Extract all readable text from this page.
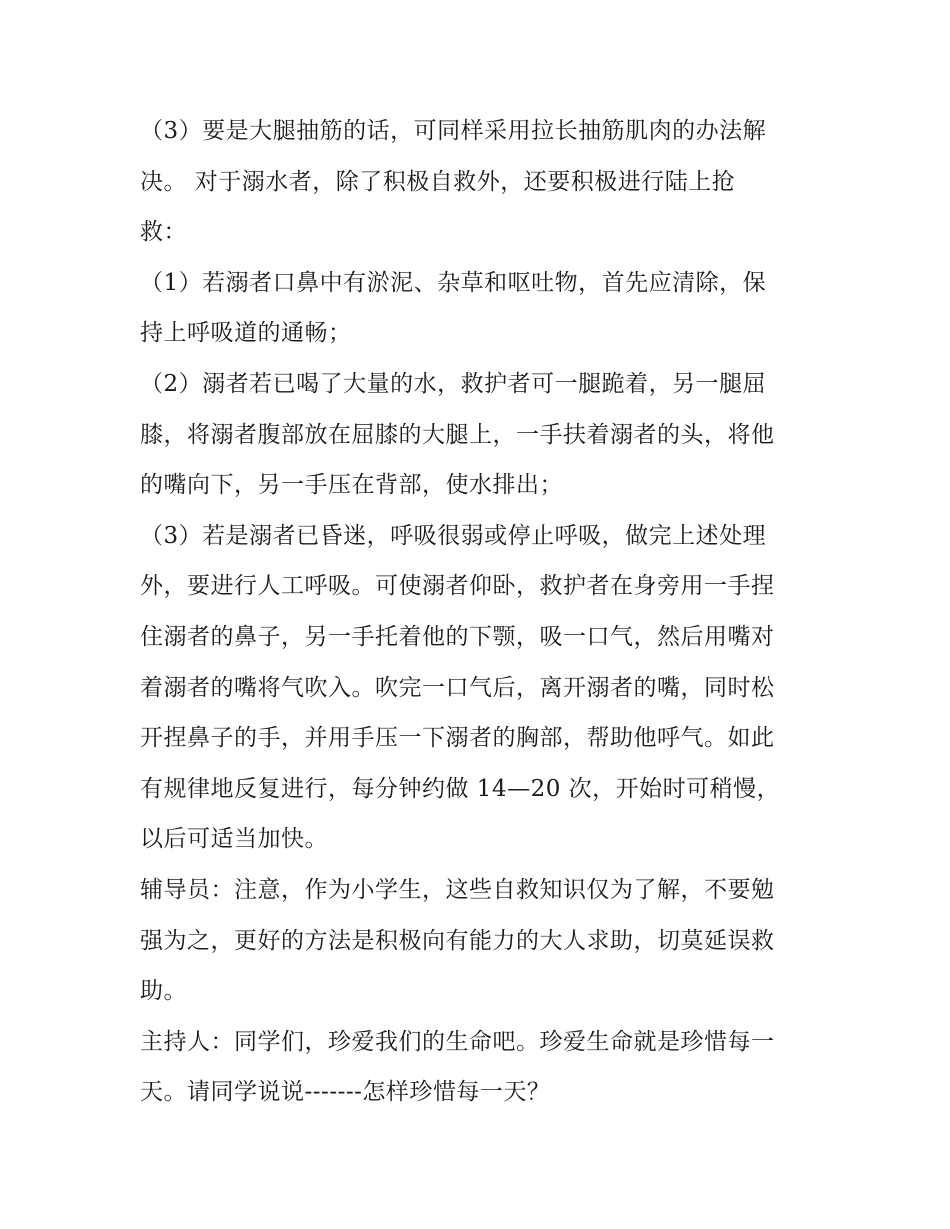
（3）要是大腿抽筋的话，可同样采用拉长抽筋肌肉的办法解
决。 对于溺水者，除了积极自救外，还要积极进行陆上抢
救：
（1）若溺者口鼻中有淤泥、杂草和呕吐物，首先应清除，保
持上呼吸道的通畅；
（2）溺者若已喝了大量的水，救护者可一腿跪着，另一腿屈
膝，将溺者腹部放在屈膝的大腿上，一手扶着溺者的头，将他
的嘴向下，另一手压在背部，使水排出；
（3）若是溺者已昏迷，呼吸很弱或停止呼吸，做完上述处理
外，要进行人工呼吸。可使溺者仰卧，救护者在身旁用一手捏
住溺者的鼻子，另一手托着他的下颚，吸一口气，然后用嘴对
着溺者的嘴将气吹入。吹完一口气后，离开溺者的嘴，同时松
开捏鼻子的手，并用手压一下溺者的胸部，帮助他呼气。如此
有规律地反复进行，每分钟约做 14—20 次，开始时可稍慢，
以后可适当加快。
辅导员：注意，作为小学生，这些自救知识仅为了解，不要勉
强为之，更好的方法是积极向有能力的大人求助，切莫延误救
助。
主持人：同学们，珍爱我们的生命吧。珍爱生命就是珍惜每一
天。请同学说说-------怎样珍惜每一天？
